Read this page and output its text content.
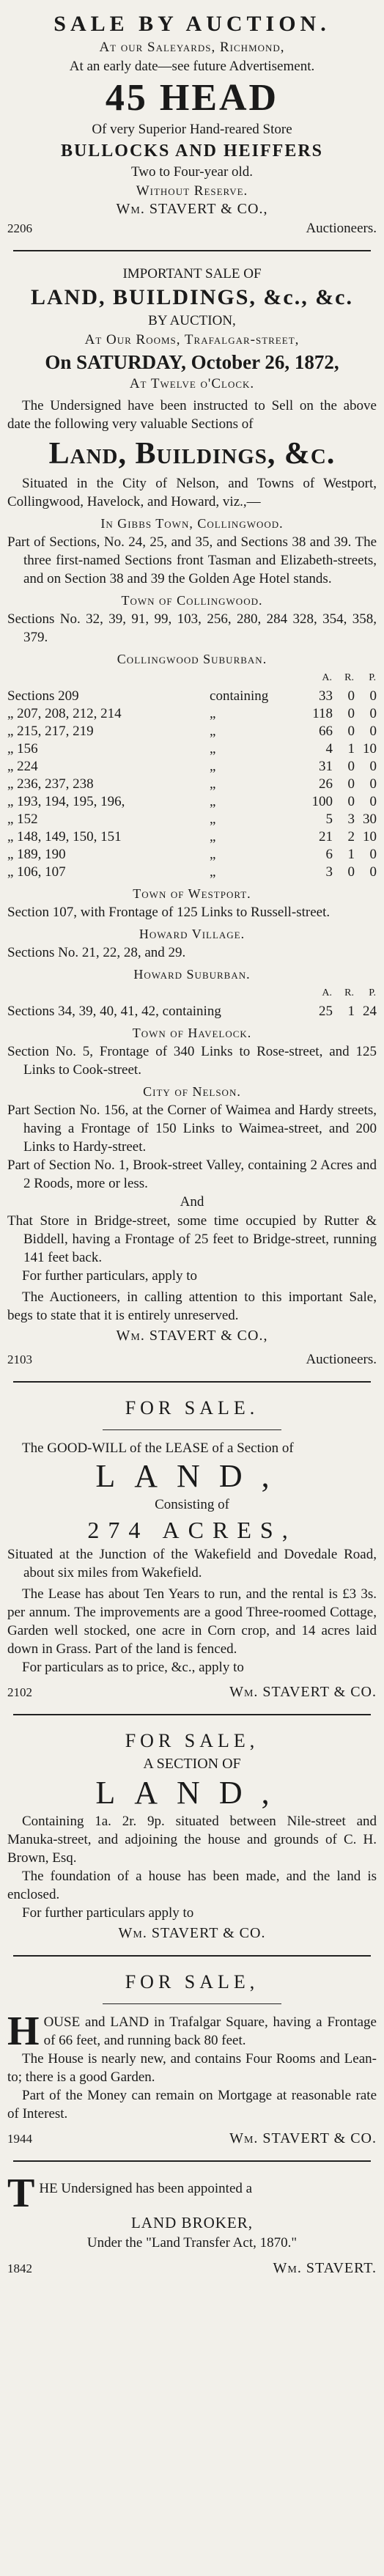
SALE BY AUCTION.
At our Saleyards, Richmond,
At an early date—see future Advertisement.
45 HEAD
Of very Superior Hand-reared Store
BULLOCKS AND HEIFFERS
Two to Four-year old.
Without Reserve.
Wm. STAVERT & CO.,
2206	Auctioneers.
IMPORTANT SALE OF
LAND, BUILDINGS, &c., &c.
BY AUCTION,
At Our Rooms, Trafalgar-street,
On SATURDAY, October 26, 1872,
At Twelve o'Clock.
The Undersigned have been instructed to Sell on the above date the following very valuable Sections of
Land, Buildings, &c.
Situated in the City of Nelson, and Towns of Westport, Collingwood, Havelock, and Howard, viz.,—
In Gibbs Town, Collingwood.
Part of Sections, No. 24, 25, and 35, and Sections 38 and 39. The three first-named Sections front Tasman and Elizabeth-streets, and on Section 38 and 39 the Golden Age Hotel stands.
Town of Collingwood.
Sections No. 32, 39, 91, 99, 103, 256, 280, 284 328, 354, 358, 379.
Collingwood Suburban.
		A.	R.	P.
Sections 209	containing	33	0	0
„ 207, 208, 212, 214	„	118	0	0
„ 215, 217, 219	„	66	0	0
„ 156	„	4	1	10
„ 224	„	31	0	0
„ 236, 237, 238	„	26	0	0
„ 193, 194, 195, 196,	„	100	0	0
„ 152	„	5	3	30
„ 148, 149, 150, 151	„	21	2	10
„ 189, 190	„	6	1	0
„ 106, 107	„	3	0	0
Town of Westport.
Section 107, with Frontage of 125 Links to Russell-street.
Howard Village.
Sections No. 21, 22, 28, and 29.
Howard Suburban.
	A.	R.	P.
Sections 34, 39, 40, 41, 42, containing	25	1	24
Town of Havelock.
Section No. 5, Frontage of 340 Links to Rose-street, and 125 Links to Cook-street.
City of Nelson.
Part Section No. 156, at the Corner of Waimea and Hardy streets, having a Frontage of 150 Links to Waimea-street, and 200 Links to Hardy-street.
Part of Section No. 1, Brook-street Valley, containing 2 Acres and 2 Roods, more or less.
And
That Store in Bridge-street, some time occupied by Rutter & Biddell, having a Frontage of 25 feet to Bridge-street, running 141 feet back.
For further particulars, apply to
The Auctioneers, in calling attention to this important Sale, begs to state that it is entirely unreserved.
Wm. STAVERT & CO.,
2103	Auctioneers.
FOR SALE.
The GOOD-WILL of the LEASE of a Section of
LAND,
Consisting of
274 ACRES,
Situated at the Junction of the Wakefield and Dovedale Road, about six miles from Wakefield.
The Lease has about Ten Years to run, and the rental is £3 3s. per annum. The improvements are a good Three-roomed Cottage, Garden well stocked, one acre in Corn crop, and 14 acres laid down in Grass. Part of the land is fenced.
For particulars as to price, &c., apply to
2102	Wm. STAVERT & CO.
FOR SALE,
A SECTION OF
LAND,
Containing 1a. 2r. 9p. situated between Nile-street and Manuka-street, and adjoining the house and grounds of C. H. Brown, Esq.
The foundation of a house has been made, and the land is enclosed.
For further particulars apply to
Wm. STAVERT & CO.
FOR SALE,
H OUSE and LAND in Trafalgar Square, having a Frontage of 66 feet, and running back 80 feet.
The House is nearly new, and contains Four Rooms and Lean-to; there is a good Garden.
Part of the Money can remain on Mortgage at reasonable rate of Interest.
1944	Wm. STAVERT & CO.
T HE Undersigned has been appointed a
LAND BROKER,
Under the "Land Transfer Act, 1870."
1842	Wm. STAVERT.
